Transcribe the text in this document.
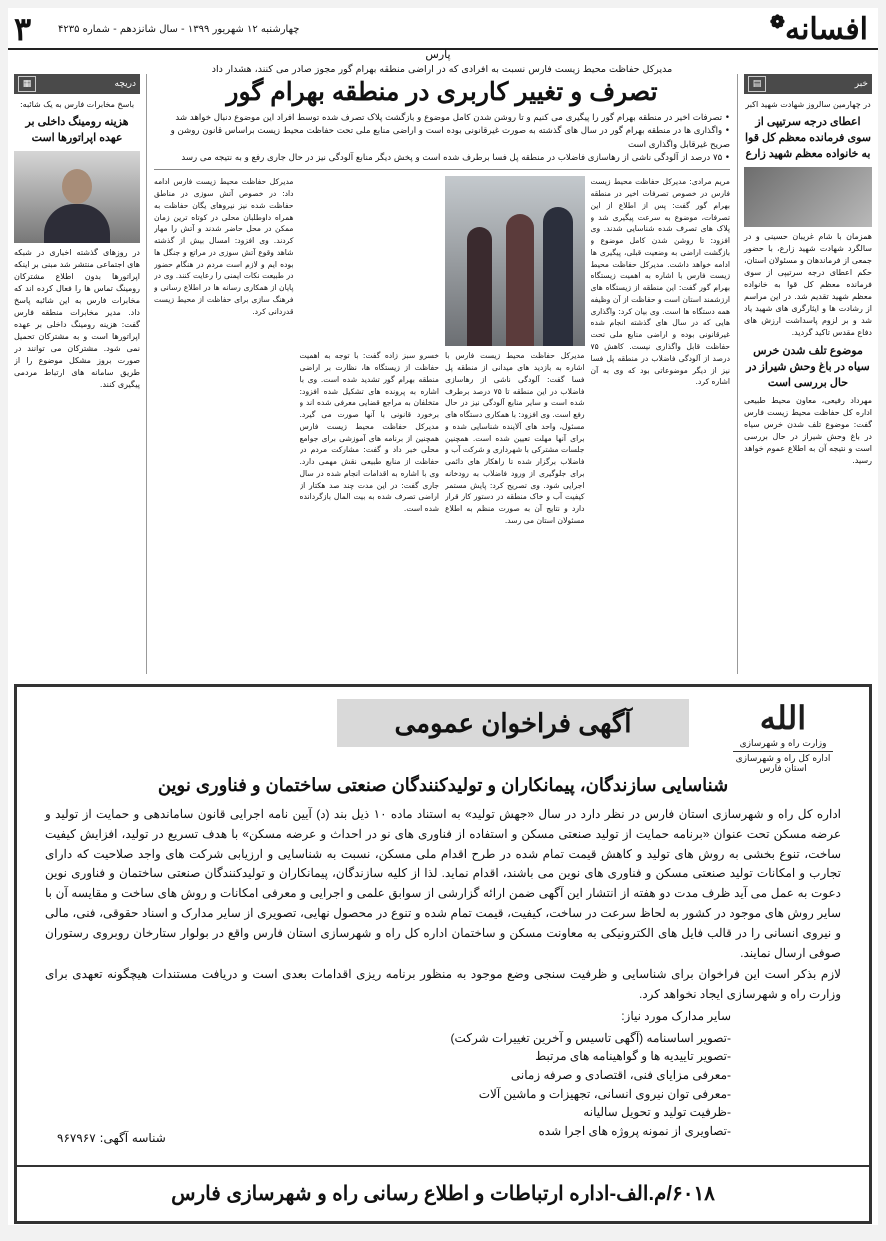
افسانه❁
چهارشنبه ۱۲ شهریور ۱۳۹۹ - سال شانزدهم - شماره ۴۲۳۵
۳
پارس
خبر
▤
در چهارمین سالروز شهادت شهید اکبر
اعطای درجه سرتیپی از سوی فرمانده معظم کل قوا به خانواده معظم شهید زارع
همزمان با شام غریبان حسینی و در سالگرد شهادت شهید زارع، با حضور جمعی از فرماندهان و مسئولان استان، حکم اعطای درجه سرتیپی از سوی فرمانده معظم کل قوا به خانواده معظم شهید تقدیم شد. در این مراسم از رشادت ها و ایثارگری های شهید یاد شد و بر لزوم پاسداشت ارزش های دفاع مقدس تاکید گردید.
موضوع تلف شدن خرس سیاه در باغ وحش شیراز در حال بررسی است
مهرداد رفیعی، معاون محیط طبیعی اداره کل حفاظت محیط زیست فارس گفت: موضوع تلف شدن خرس سیاه در باغ وحش شیراز در حال بررسی است و نتیجه آن به اطلاع عموم خواهد رسید.
دریچه
▦
باسخ مخابرات فارس به یک شائبه:
هزینه رومینگ داخلی بر عهده اپراتورها است
در روزهای گذشته اخباری در شبکه های اجتماعی منتشر شد مبنی بر اینکه اپراتورها بدون اطلاع مشترکان رومینگ تماس ها را فعال کرده اند که مخابرات فارس به این شائبه پاسخ داد. مدیر مخابرات منطقه فارس گفت: هزینه رومینگ داخلی بر عهده اپراتورها است و به مشترکان تحمیل نمی شود. مشترکان می توانند در صورت بروز مشکل موضوع را از طریق سامانه های ارتباط مردمی پیگیری کنند.
مدیرکل حفاظت محیط زیست فارس نسبت به افرادی که در اراضی منطقه بهرام گور مجوز صادر می کنند، هشدار داد
تصرف و تغییر کاربری در منطقه بهرام گور

• تصرفات اخیر در منطقه بهرام گور را پیگیری می کنیم و تا روشن شدن کامل موضوع و بازگشت پلاک تصرف شده توسط افراد این موضوع دنبال خواهد شد

• واگذاری ها در منطقه بهرام گور در سال های گذشته به صورت غیرقانونی بوده است و اراضی منابع ملی تحت حفاظت محیط زیست براساس قانون روشن و صریح غیرقابل واگذاری است

• ۷۵ درصد از آلودگی ناشی از رهاسازی فاضلاب در منطقه پل فسا برطرف شده است و پخش دیگر منابع آلودگی نیز در حال جاری رفع و به نتیجه می رسد

مریم مرادی: مدیرکل حفاظت محیط زیست فارس در خصوص تصرفات اخیر در منطقه بهرام گور گفت: پس از اطلاع از این تصرفات، موضوع به سرعت پیگیری شد و پلاک های تصرف شده شناسایی شدند. وی افزود: تا روشن شدن کامل موضوع و بازگشت اراضی به وضعیت قبلی، پیگیری ها ادامه خواهد داشت. مدیرکل حفاظت محیط زیست فارس با اشاره به اهمیت زیستگاه بهرام گور گفت: این منطقه از زیستگاه های ارزشمند استان است و حفاظت از آن وظیفه همه دستگاه ها است. وی بیان کرد: واگذاری هایی که در سال های گذشته انجام شده غیرقانونی بوده و اراضی منابع ملی تحت حفاظت قابل واگذاری نیست. کاهش ۷۵ درصد از آلودگی فاضلاب در منطقه پل فسا نیز از دیگر موضوعاتی بود که وی به آن اشاره کرد.
مدیرکل حفاظت محیط زیست فارس با اشاره به بازدید های میدانی از منطقه پل فسا گفت: آلودگی ناشی از رهاسازی فاضلاب در این منطقه تا ۷۵ درصد برطرف شده است و سایر منابع آلودگی نیز در حال رفع است. وی افزود: با همکاری دستگاه های مسئول، واحد های آلاینده شناسایی شده و برای آنها مهلت تعیین شده است. همچنین جلسات مشترکی با شهرداری و شرکت آب و فاضلاب برگزار شده تا راهکار های دائمی برای جلوگیری از ورود فاضلاب به رودخانه اجرایی شود. وی تصریح کرد: پایش مستمر کیفیت آب و خاک منطقه در دستور کار قرار دارد و نتایج آن به صورت منظم به اطلاع مسئولان استان می رسد.
خسرو سبز زاده گفت: با توجه به اهمیت حفاظت از زیستگاه ها، نظارت بر اراضی منطقه بهرام گور تشدید شده است. وی با اشاره به پرونده های تشکیل شده افزود: متخلفان به مراجع قضایی معرفی شده اند و برخورد قانونی با آنها صورت می گیرد. مدیرکل حفاظت محیط زیست فارس همچنین از برنامه های آموزشی برای جوامع محلی خبر داد و گفت: مشارکت مردم در حفاظت از منابع طبیعی نقش مهمی دارد. وی با اشاره به اقدامات انجام شده در سال جاری گفت: در این مدت چند صد هکتار از اراضی تصرف شده به بیت المال بازگردانده شده است.
مدیرکل حفاظت محیط زیست فارس ادامه داد: در خصوص آتش سوزی در مناطق حفاظت شده نیز نیروهای یگان حفاظت به همراه داوطلبان محلی در کوتاه ترین زمان ممکن در محل حاضر شدند و آتش را مهار کردند. وی افزود: امسال بیش از گذشته شاهد وقوع آتش سوزی در مراتع و جنگل ها بوده ایم و لازم است مردم در هنگام حضور در طبیعت نکات ایمنی را رعایت کنند. وی در پایان از همکاری رسانه ها در اطلاع رسانی و فرهنگ سازی برای حفاظت از محیط زیست قدردانی کرد.
الله
وزارت راه و شهرسازی
اداره کل راه و شهرسازی استان فارس
آگهی فراخوان عمومی
شناسایی سازندگان، پیمانکاران و تولیدکنندگان صنعتی ساختمان و فناوری نوین

اداره کل راه و شهرسازی استان فارس در نظر دارد در سال «جهش تولید» به استناد ماده ۱۰ ذیل بند (د) آیین نامه اجرایی قانون ساماندهی و حمایت از تولید و عرضه مسکن تحت عنوان «برنامه حمایت از تولید صنعتی مسکن و استفاده از فناوری های نو در احداث و عرضه مسکن» با هدف تسریع در تولید، افزایش کیفیت ساخت، تنوع بخشی به روش های تولید و کاهش قیمت تمام شده در طرح اقدام ملی مسکن، نسبت به شناسایی و ارزیابی شرکت های واجد صلاحیت که دارای تجارب و امکانات تولید صنعتی مسکن و فناوری های نوین می باشند، اقدام نماید. لذا از کلیه سازندگان، پیمانکاران و تولیدکنندگان صنعتی ساختمان و فناوری نوین دعوت به عمل می آید ظرف مدت دو هفته از انتشار این آگهی ضمن ارائه گزارشی از سوابق علمی و اجرایی و معرفی امکانات و روش های ساخت و مقایسه آن با سایر روش های موجود در کشور به لحاظ سرعت در ساخت، کیفیت، قیمت تمام شده و تنوع در محصول نهایی، تصویری از سایر مدارک و اسناد حقوقی، فنی، مالی و نیروی انسانی را در قالب فایل های الکترونیکی به معاونت مسکن و ساختمان اداره کل راه و شهرسازی استان فارس واقع در بولوار ستارخان روبروی رستوران صوفی ارسال نمایند.

لازم بذکر است این فراخوان برای شناسایی و ظرفیت سنجی وضع موجود به منظور برنامه ریزی اقدامات بعدی است و دریافت مستندات هیچگونه تعهدی برای وزارت راه و شهرسازی ایجاد نخواهد کرد.

سایر مدارک مورد نیاز:

- تصویر اساسنامه (آگهی تاسیس و آخرین تغییرات شرکت)
- تصویر تاییدیه ها و گواهینامه های مرتبط
- معرفی مزایای فنی، اقتصادی و صرفه زمانی
- معرفی توان نیروی انسانی، تجهیزات و ماشین آلات
- ظرفیت تولید و تحویل سالیانه
- تصاویری از نمونه پروژه های اجرا شده
شناسه آگهی: ۹۶۷۹۶۷
۶۰۱۸/م.الف-اداره ارتباطات و اطلاع رسانی راه و شهرسازی فارس
